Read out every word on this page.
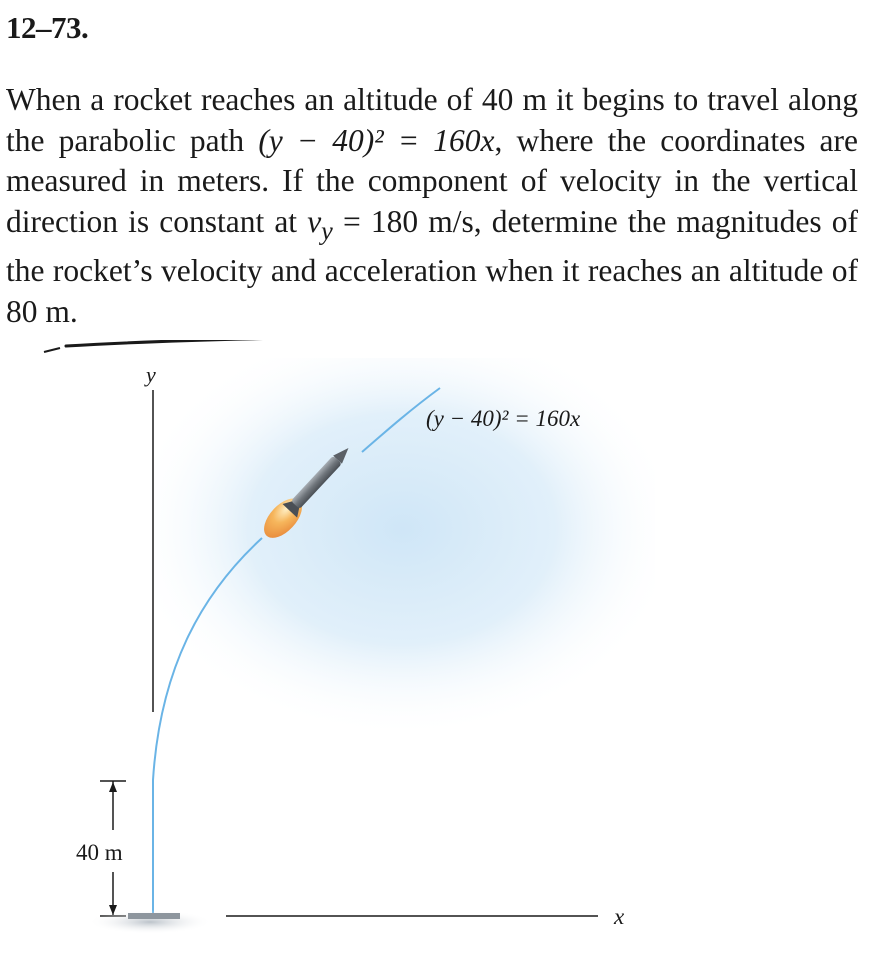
12–73.
When a rocket reaches an altitude of 40 m it begins to travel along the parabolic path (y − 40)² = 160x, where the coordinates are measured in meters. If the component of velocity in the vertical direction is constant at $v_y = 180$ m/s, determine the magnitudes of the rocket’s velocity and acceleration when it reaches an altitude of 80 m.
y
(y − 40)² = 160x
40 m
x
